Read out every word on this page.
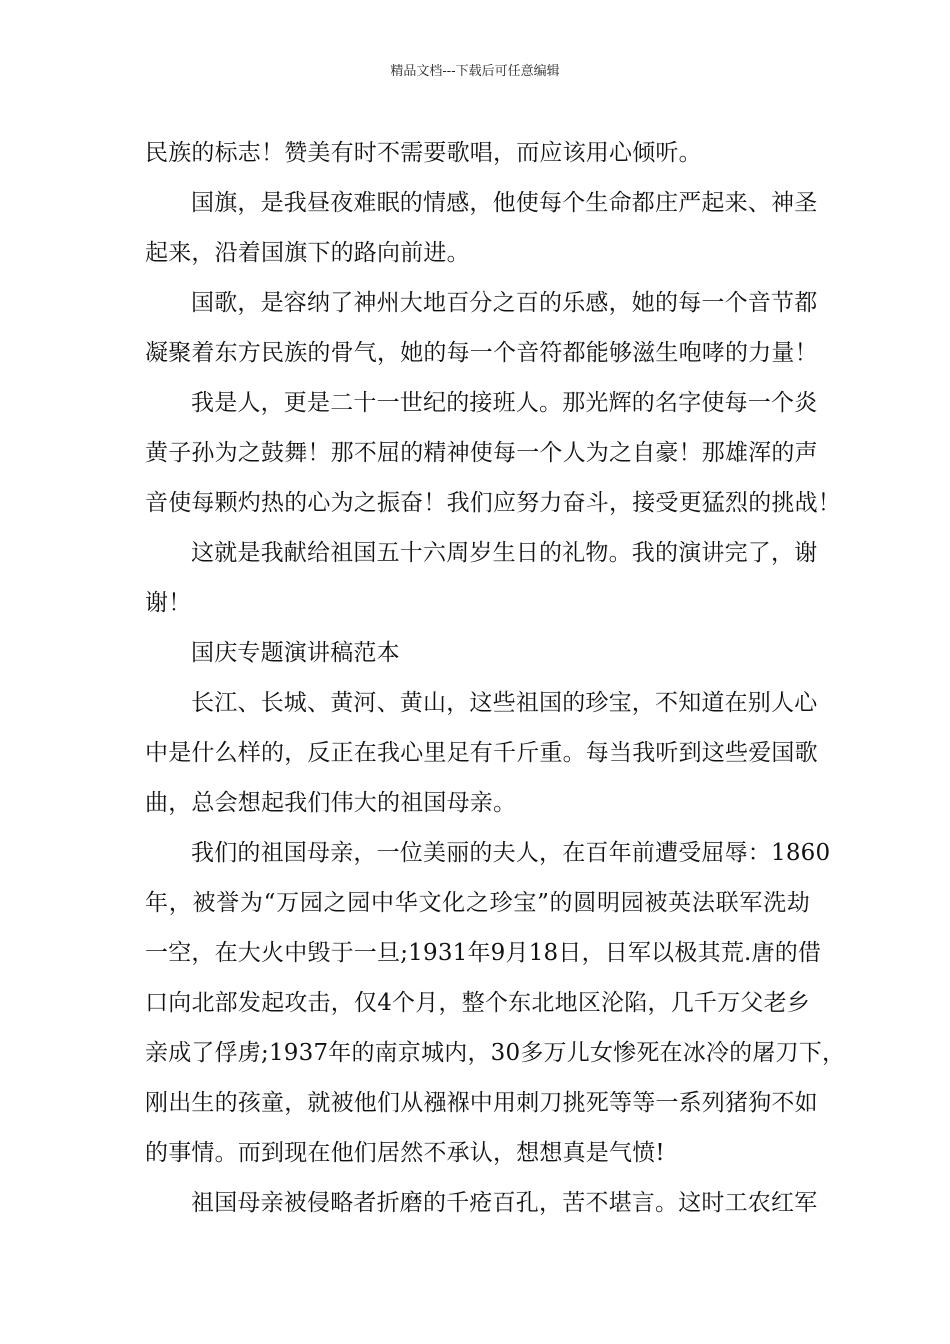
精品文档---下载后可任意编辑
民族的标志！赞美有时不需要歌唱，而应该用心倾听。
国旗，是我昼夜难眠的情感，他使每个生命都庄严起来、神圣
起来，沿着国旗下的路向前进。
国歌，是容纳了神州大地百分之百的乐感，她的每一个音节都
凝聚着东方民族的骨气，她的每一个音符都能够滋生咆哮的力量！
我是人，更是二十一世纪的接班人。那光辉的名字使每一个炎
黄子孙为之鼓舞！那不屈的精神使每一个人为之自豪！那雄浑的声
音使每颗灼热的心为之振奋！我们应努力奋斗，接受更猛烈的挑战！
这就是我献给祖国五十六周岁生日的礼物。我的演讲完了，谢
谢！
国庆专题演讲稿范本
长江、长城、黄河、黄山，这些祖国的珍宝，不知道在别人心
中是什么样的，反正在我心里足有千斤重。每当我听到这些爱国歌
曲，总会想起我们伟大的祖国母亲。
我们的祖国母亲，一位美丽的夫人，在百年前遭受屈辱：1860
年，被誉为“万园之园中华文化之珍宝”的圆明园被英法联军洗劫
一空，在大火中毁于一旦;1931年9月18日，日军以极其荒.唐的借
口向北部发起攻击，仅4个月，整个东北地区沦陷，几千万父老乡
亲成了俘虏;1937年的南京城内，30多万儿女惨死在冰冷的屠刀下，
刚出生的孩童，就被他们从襁褓中用刺刀挑死等等一系列猪狗不如
的事情。而到现在他们居然不承认，想想真是气愤!
祖国母亲被侵略者折磨的千疮百孔，苦不堪言。这时工农红军
